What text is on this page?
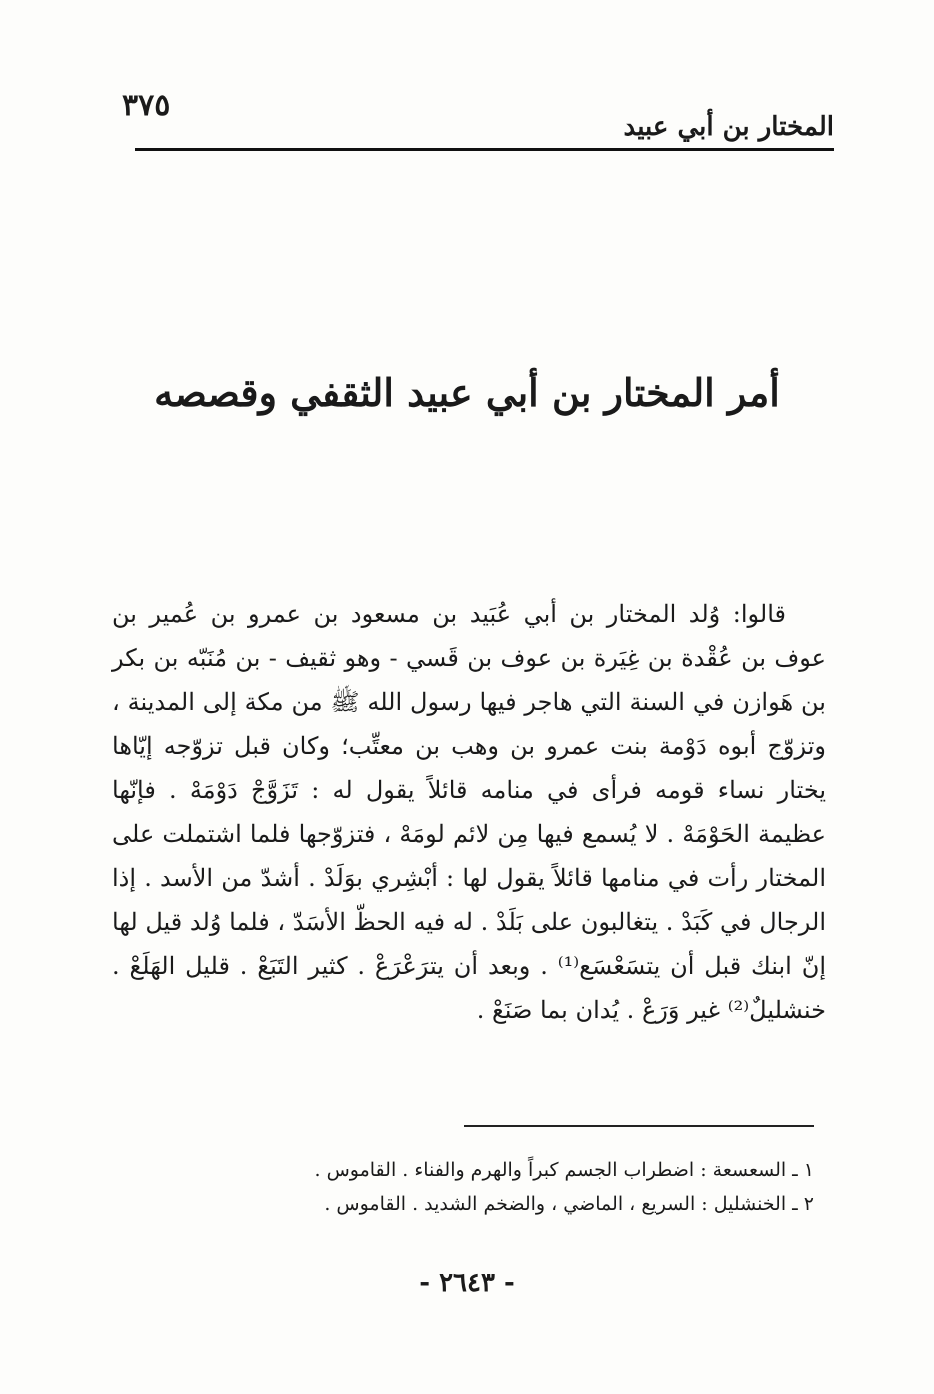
٣٧٥
المختار بن أبي عبيد
أمر المختار بن أبي عبيد الثقفي وقصصه

قالوا: وُلد المختار بن أبي عُبَيد بن مسعود بن عمرو بن عُمير بن عوف بن عُقْدة بن غِيَرة بن عوف بن قَسي - وهو ثقيف - بن مُنَبّه بن بكر بن هَوازن في السنة التي هاجر فيها رسول الله ﷺ من مكة إلى المدينة ، وتزوّج أبوه دَوْمة بنت عمرو بن وهب بن معتِّب؛ وكان قبل تزوّجه إيّاها يختار نساء قومه فرأى في منامه قائلاً يقول له : تَزَوَّجْ دَوْمَهْ . فإنّها عظيمة الحَوْمَهْ . لا يُسمع فيها مِن لائم لومَهْ ، فتزوّجها فلما اشتملت على المختار رأت في منامها قائلاً يقول لها : أبْشِري بوَلَدْ . أشدّ من الأسد . إذا الرجال في كَبَدْ . يتغالبون على بَلَدْ . له فيه الحظّ الأسَدّ ، فلما وُلد قيل لها إنّ ابنك قبل أن يتسَعْسَع⁽¹⁾ . وبعد أن يترَعْرَعْ . كثير التَبَعْ . قليل الهَلَعْ . خنشليلٌ⁽²⁾ غير وَرَعْ . يُدان بما صَنَعْ .

١ ـ السعسعة : اضطراب الجسم كبراً والهرم والفناء . القاموس .
٢ ـ الخنشليل : السريع ، الماضي ، والضخم الشديد . القاموس .
- ٢٦٤٣ -
